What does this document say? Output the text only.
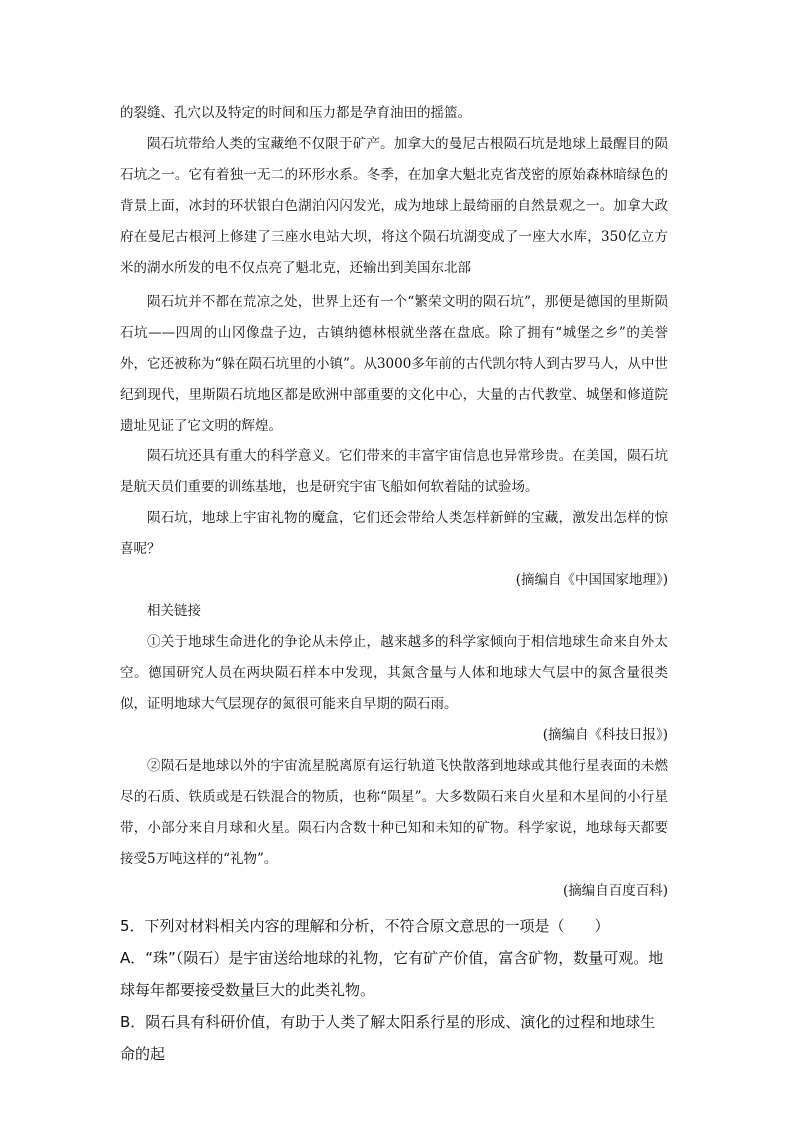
的裂缝、孔穴以及特定的时间和压力都是孕育油田的摇篮。

陨石坑带给人类的宝藏绝不仅限于矿产。加拿大的曼尼古根陨石坑是地球上最醒目的陨石坑之一。它有着独一无二的环形水系。冬季，在加拿大魁北克省茂密的原始森林暗绿色的背景上面，冰封的环状银白色湖泊闪闪发光，成为地球上最绮丽的自然景观之一。加拿大政府在曼尼古根河上修建了三座水电站大坝，将这个陨石坑湖变成了一座大水库，350亿立方米的湖水所发的电不仅点亮了魁北克，还输出到美国东北部

陨石坑并不都在荒凉之处，世界上还有一个“繁荣文明的陨石坑”，那便是德国的里斯陨石坑——四周的山冈像盘子边，古镇纳德林根就坐落在盘底。除了拥有“城堡之乡”的美誉外，它还被称为“躲在陨石坑里的小镇”。从3000多年前的古代凯尔特人到古罗马人，从中世纪到现代，里斯陨石坑地区都是欧洲中部重要的文化中心，大量的古代教堂、城堡和修道院遗址见证了它文明的辉煌。

陨石坑还具有重大的科学意义。它们带来的丰富宇宙信息也异常珍贵。在美国，陨石坑是航天员们重要的训练基地，也是研究宇宙飞船如何软着陆的试验场。

陨石坑，地球上宇宙礼物的魔盒，它们还会带给人类怎样新鲜的宝藏，激发出怎样的惊喜呢？

(摘编自《中国国家地理》)

相关链接

①关于地球生命进化的争论从未停止，越来越多的科学家倾向于相信地球生命来自外太空。德国研究人员在两块陨石样本中发现，其氮含量与人体和地球大气层中的氮含量很类似，证明地球大气层现存的氮很可能来自早期的陨石雨。

(摘编自《科技日报》)

②陨石是地球以外的宇宙流星脱离原有运行轨道飞快散落到地球或其他行星表面的未燃尽的石质、铁质或是石铁混合的物质，也称“陨星”。大多数陨石来自火星和木星间的小行星带，小部分来自月球和火星。陨石内含数十种已知和未知的矿物。科学家说，地球每天都要接受5万吨这样的“礼物”。

(摘编自百度百科)

5．下列对材料相关内容的理解和分析，不符合原文意思的一项是（　　）

A．“珠”（陨石）是宇宙送给地球的礼物，它有矿产价值，富含矿物，数量可观。地球每年都要接受数量巨大的此类礼物。

B．陨石具有科研价值，有助于人类了解太阳系行星的形成、演化的过程和地球生命的起
